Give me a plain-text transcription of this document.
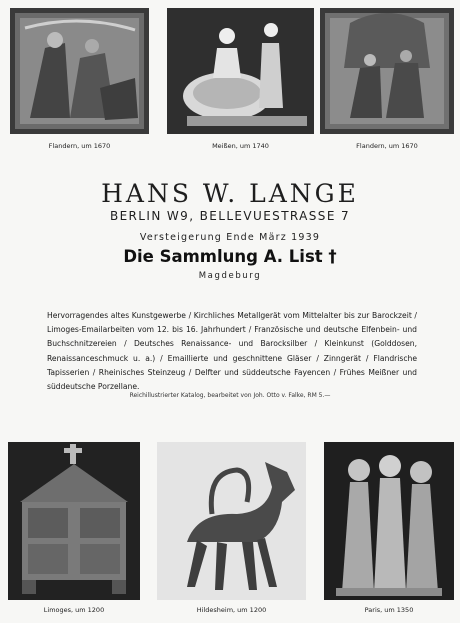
Flandern, um 1670	Meißen, um 1740	Flandern, um 1670
HANS W. LANGE
BERLIN W9, BELLEVUESTRASSE 7
Versteigerung Ende März 1939
Die Sammlung A. List †
Magdeburg
Hervorragendes altes Kunstgewerbe / Kirchliches Metallgerät vom Mittelalter bis zur Barockzeit / Limoges-Emailarbeiten vom 12. bis 16. Jahrhundert / Französische und deutsche Elfenbein- und Buchschnitzereien / Deutsches Renaissance- und Barocksilber / Kleinkunst (Golddosen, Renaissanceschmuck u. a.) / Emaillierte und geschnittene Gläser / Zinngerät / Flandrische Tapisserien / Rheinisches Steinzeug / Delfter und süddeutsche Fayencen / Frühes Meißner und süddeutsche Porzellane.
Reichillustrierter Katalog, bearbeitet von Joh. Otto v. Falke, RM 5.—
Limoges, um 1200	Hildesheim, um 1200	Paris, um 1350
